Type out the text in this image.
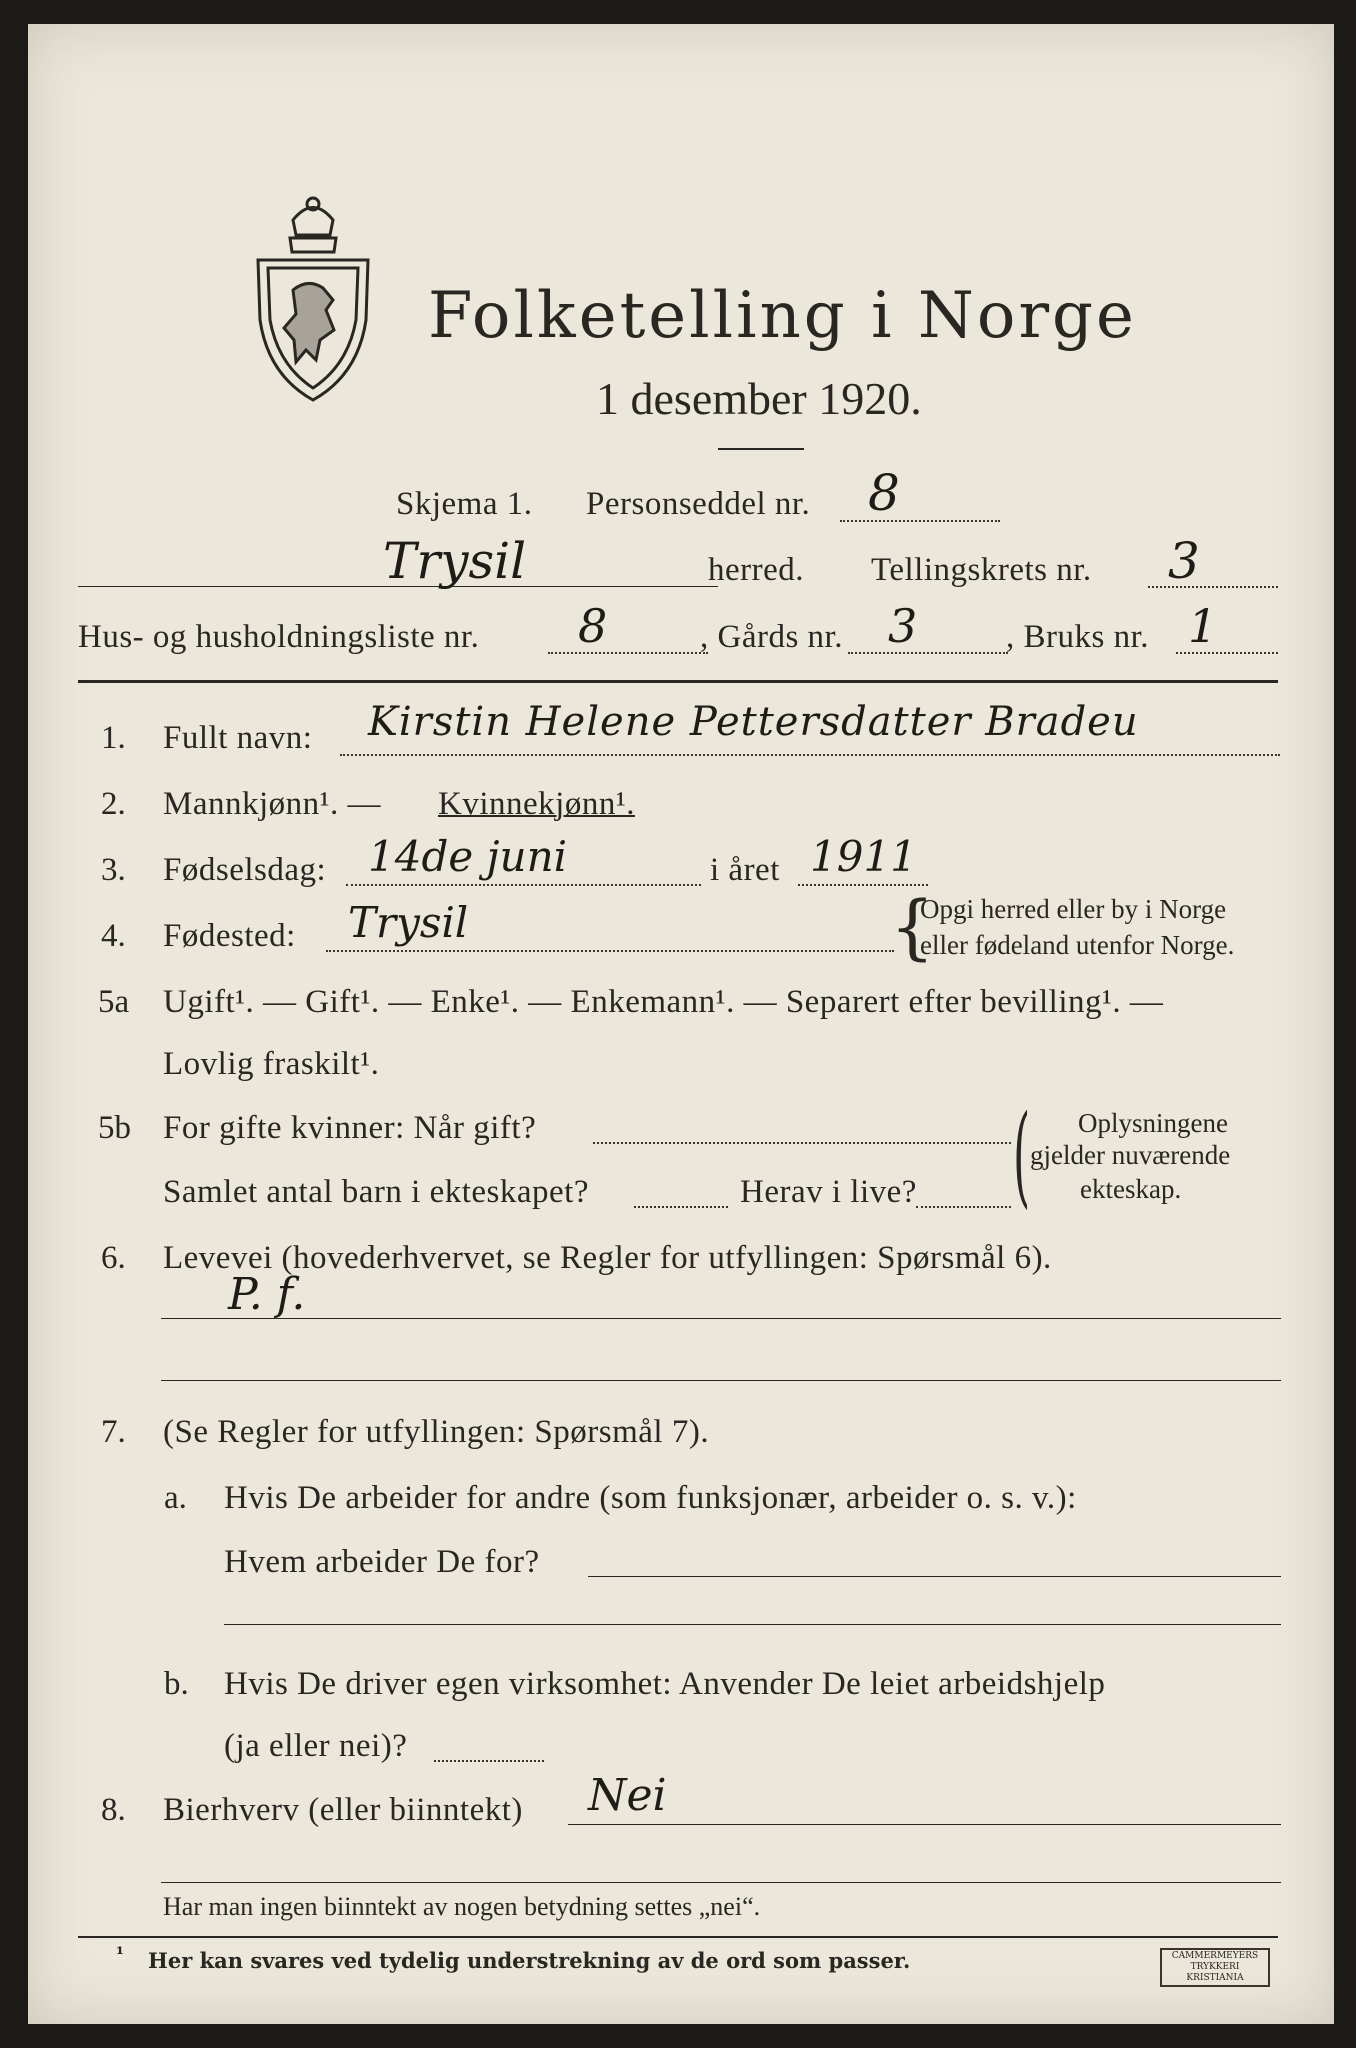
Folketelling i Norge
1 desember 1920.
Skjema 1. Personseddel nr. 8
Trysil	herred. Tellingskrets nr. 3
Hus- og husholdningsliste nr. 8	, Gårds nr. 3	, Bruks nr. 1
1. Fullt navn: Kirstin Helene Pettersdatter Bradeu
2. Mannkjønn¹. — Kvinnekjønn¹.
3. Fødselsdag: 14de juni	i året 1911
4. Fødested: Trysil	{
Opgi herred eller by i Norge
eller fødeland utenfor Norge.
5a Ugift¹. — Gift¹. — Enke¹. — Enkemann¹. — Separert efter bevilling¹. —
Lovlig fraskilt¹.
5b For gifte kvinner: Når gift?
Samlet antal barn i ekteskapet?	Herav i live? ( Oplysningene
gjelder nuværende
ekteskap.
6. Levevei (hovederhvervet, se Regler for utfyllingen: Spørsmål 6).
P. f.
7. (Se Regler for utfyllingen: Spørsmål 7).
a. Hvis De arbeider for andre (som funksjonær, arbeider o. s. v.):
Hvem arbeider De for?
b. Hvis De driver egen virksomhet: Anvender De leiet arbeidshjelp
(ja eller nei)?
8. Bierhverv (eller biinntekt) Nei
Har man ingen biinntekt av nogen betydning settes „nei“.
¹ Her kan svares ved tydelig understrekning av de ord som passer.	CAMMERMEYERS TRYKKERI
KRISTIANIA
